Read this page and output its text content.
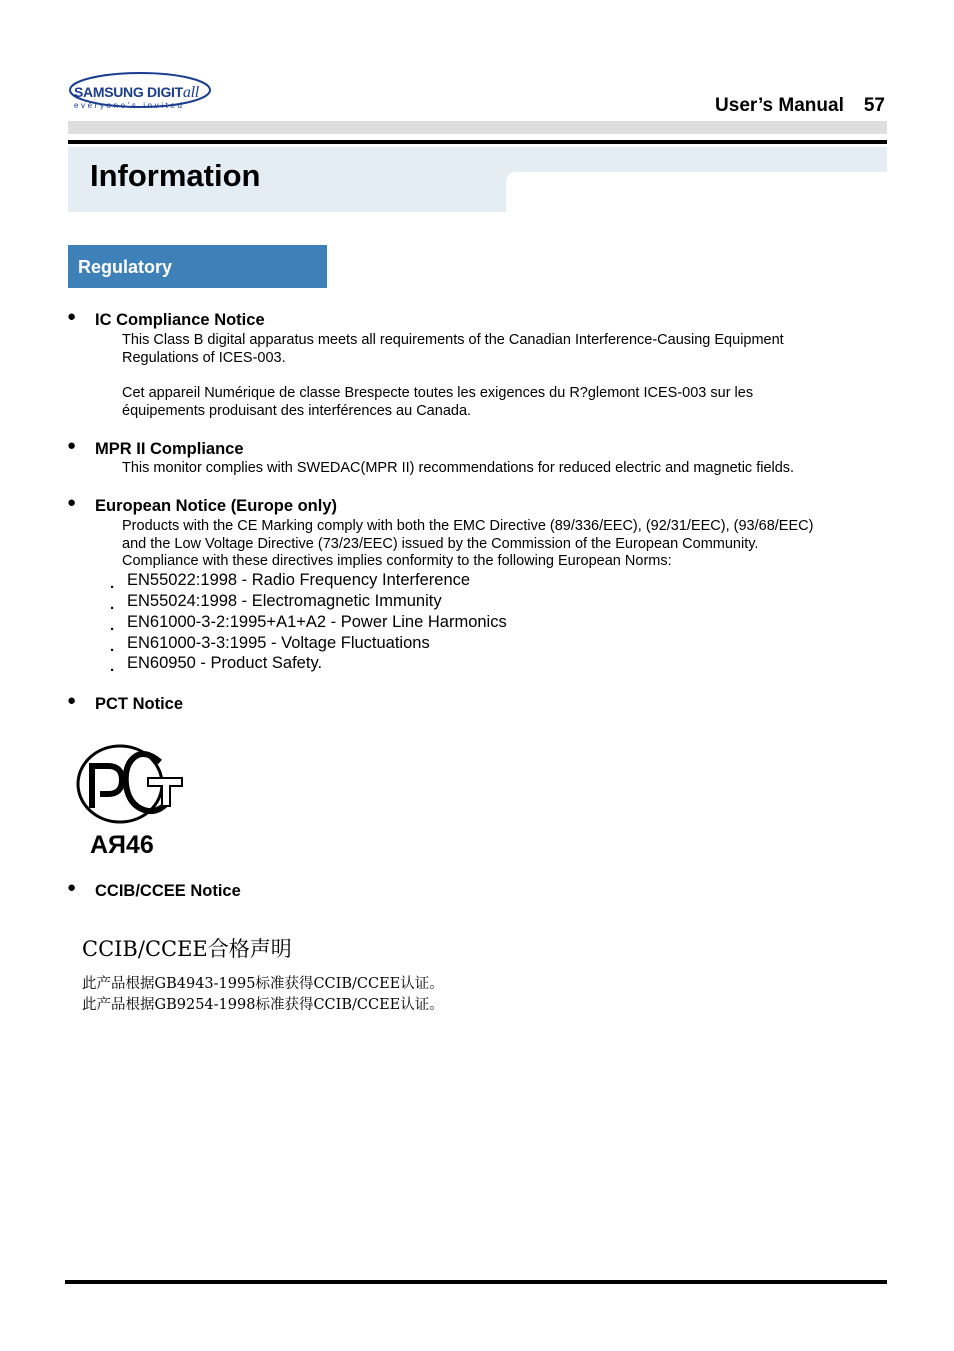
SAMSUNG DIGITall
everyone's invited	User’s Manual 57
Information
Regulatory
● IC Compliance Notice
This Class B digital apparatus meets all requirements of the Canadian Interference-Causing Equipment
Regulations of ICES-003.
Cet appareil Numérique de classe Brespecte toutes les exigences du R?glemont ICES-003 sur les
équipements produisant des interférences au Canada.
● MPR II Compliance
This monitor complies with SWEDAC(MPR II) recommendations for reduced electric and magnetic fields.
● European Notice (Europe only)
Products with the CE Marking comply with both the EMC Directive (89/336/EEC), (92/31/EEC), (93/68/EEC)
and the Low Voltage Directive (73/23/EEC) issued by the Commission of the European Community.
Compliance with these directives implies conformity to the following European Norms:
. EN55022:1998 - Radio Frequency Interference
. EN55024:1998 - Electromagnetic Immunity
. EN61000-3-2:1995+A1+A2 - Power Line Harmonics
. EN61000-3-3:1995 - Voltage Fluctuations
. EN60950 - Product Safety.
● PCT Notice
АЯ46
● CCIB/CCEE Notice
CCIB/CCEE合格声明
此产品根据GB4943-1995标准获得CCIB/CCEE认证。
此产品根据GB9254-1998标准获得CCIB/CCEE认证。
